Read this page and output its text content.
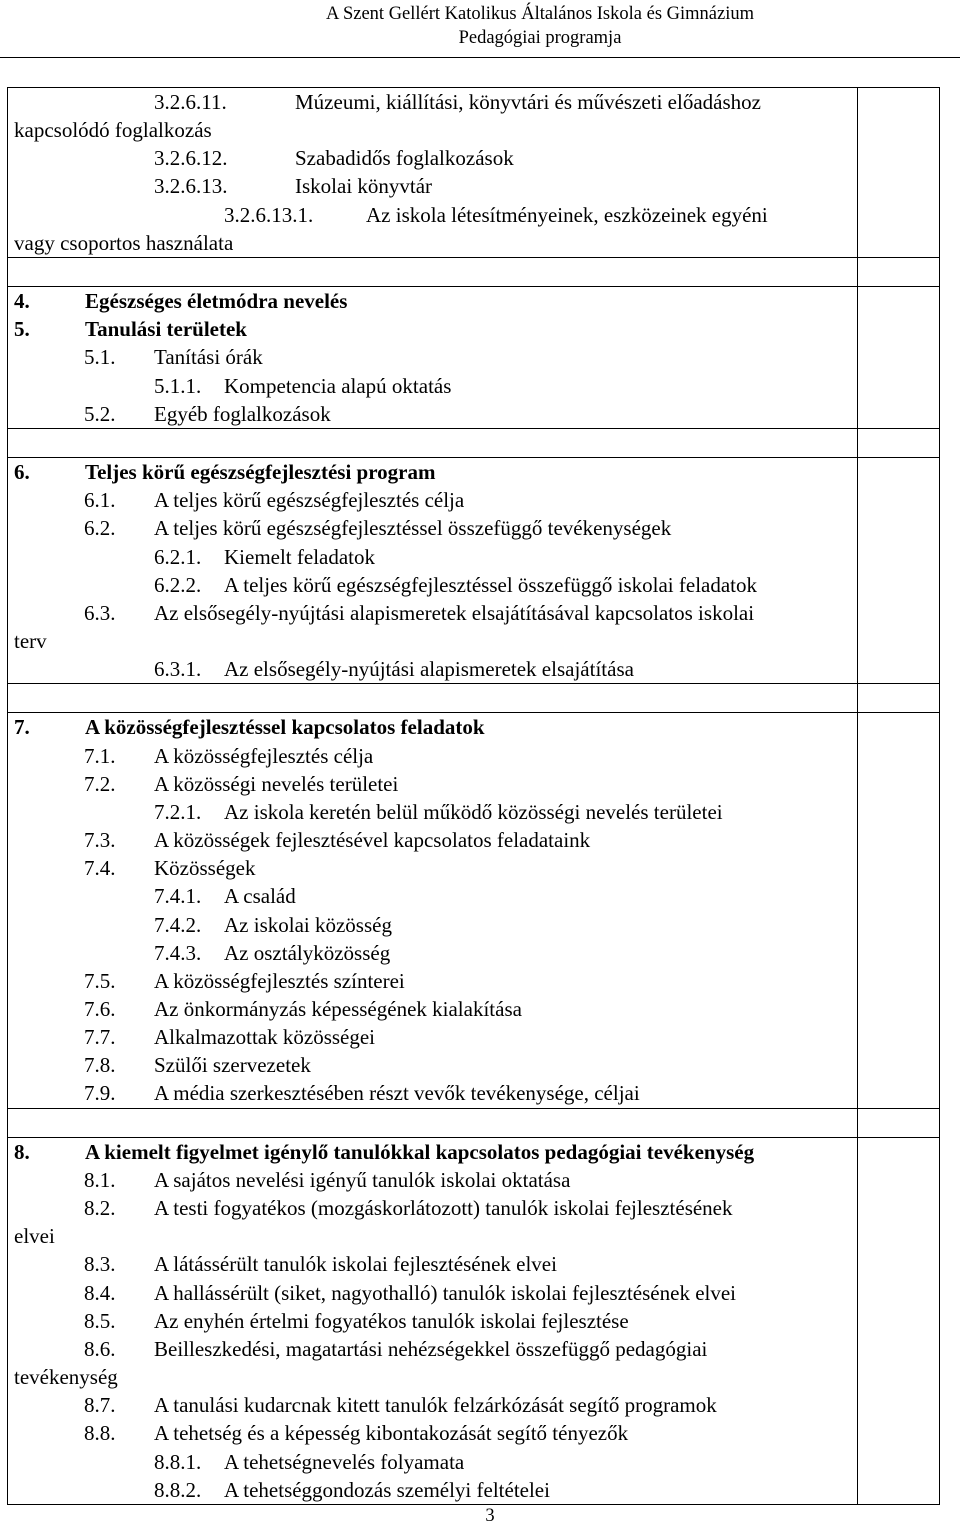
A Szent Gellért Katolikus Általános Iskola és Gimnázium
Pedagógiai programja
3.2.6.11.	Múzeumi, kiállítási, könyvtári és művészeti előadáshoz
kapcsolódó foglalkozás
3.2.6.12.	Szabadidős foglalkozások
3.2.6.13.	Iskolai könyvtár
3.2.6.13.1.	Az iskola létesítményeinek, eszközeinek egyéni
vagy csoportos használata
4.	Egészséges életmódra nevelés
5.	Tanulási területek
5.1. Tanítási órák
5.1.1. Kompetencia alapú oktatás
5.2. Egyéb foglalkozások
6.	Teljes körű egészségfejlesztési program
6.1. A teljes körű egészségfejlesztés célja
6.2. A teljes körű egészségfejlesztéssel összefüggő tevékenységek
6.2.1. Kiemelt feladatok
6.2.2. A teljes körű egészségfejlesztéssel összefüggő iskolai feladatok
6.3. Az elsősegély-nyújtási alapismeretek elsajátításával kapcsolatos iskolai
terv
6.3.1. Az elsősegély-nyújtási alapismeretek elsajátítása
7.	A közösségfejlesztéssel kapcsolatos feladatok
7.1. A közösségfejlesztés célja
7.2. A közösségi nevelés területei
7.2.1. Az iskola keretén belül működő közösségi nevelés területei
7.3. A közösségek fejlesztésével kapcsolatos feladataink
7.4. Közösségek
7.4.1. A család
7.4.2. Az iskolai közösség
7.4.3. Az osztályközösség
7.5. A közösségfejlesztés színterei
7.6. Az önkormányzás képességének kialakítása
7.7. Alkalmazottak közösségei
7.8. Szülői szervezetek
7.9. A média szerkesztésében részt vevők tevékenysége, céljai
8.	A kiemelt figyelmet igénylő tanulókkal kapcsolatos pedagógiai tevékenység
8.1. A sajátos nevelési igényű tanulók iskolai oktatása
8.2. A testi fogyatékos (mozgáskorlátozott) tanulók iskolai fejlesztésének
elvei
8.3. A látássérült tanulók iskolai fejlesztésének elvei
8.4. A hallássérült (siket, nagyothalló) tanulók iskolai fejlesztésének elvei
8.5. Az enyhén értelmi fogyatékos tanulók iskolai fejlesztése
8.6. Beilleszkedési, magatartási nehézségekkel összefüggő pedagógiai
tevékenység
8.7. A tanulási kudarcnak kitett tanulók felzárkózását segítő programok
8.8. A tehetség és a képesség kibontakozását segítő tényezők
8.8.1. A tehetségnevelés folyamata
8.8.2. A tehetséggondozás személyi feltételei
3
